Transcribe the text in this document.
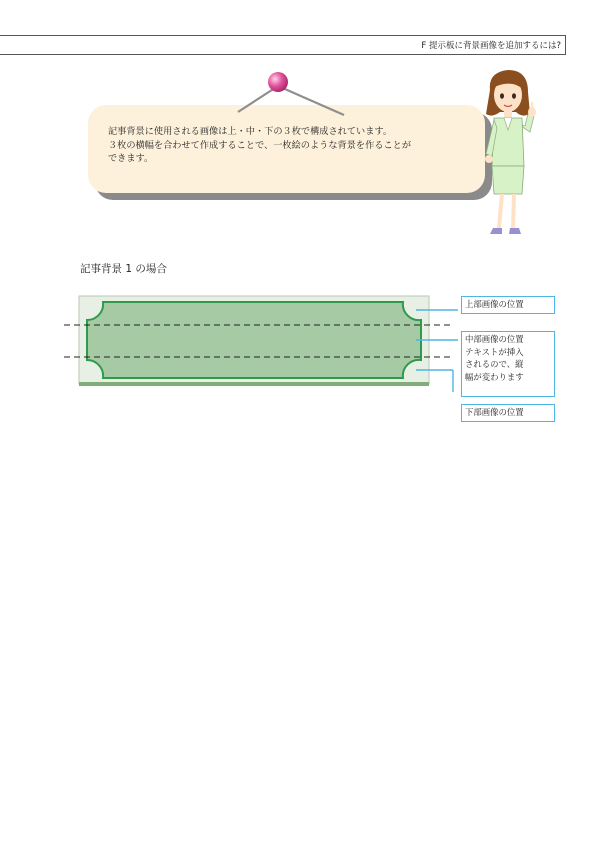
F 提示板に背景画像を追加するには?
記事背景に使用される画像は上・中・下の３枚で構成されています。
３枚の横幅を合わせて作成することで、一枚絵のような背景を作ることが
できます。
記事背景 1 の場合
上部画像の位置
中部画像の位置
テキストが挿入
されるので、縦
幅が変わります
下部画像の位置
